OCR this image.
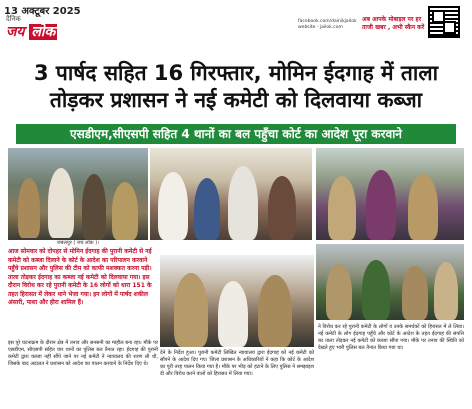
13 अक्टूबर 2025
दैनिक
जय लोक
facebook.com/dainikjailok
website - jailok.com
अब आपके मोबाइल पर हर
ताजी खबर , अभी स्कैन करें
3 पार्षद सहित 16 गिरफ्तार, मोमिन ईदगाह में ताला तोड़कर प्रशासन ने नई कमेटी को दिलवाया कब्जा
एसडीएम,सीएसपी सहित 4 थानों का बल पहुँचा कोर्ट का आदेश पूरा करवाने
जबलपुर ( जय लोक )।
आज सोमवार को दोपहर से मोमिन ईदगाह की पुरानी कमेटी से नई कमेटी को कब्जा दिलाने के कोर्ट के आदेश का परिपालन करवाने पहुँचे प्रशासन और पुलिस की टीम को काफी मशक्कत करना पड़ी। ताला तोड़कर ईदगाह का कब्जा नई कमेटी को दिलवाया गया। इस दौरान विरोध कर रहे पुरानी कमेटी के 16 लोगों को धारा 151 के तहत हिरासत में लेकर थाने भेजा गया। इन लोगों में पार्षद शकील अंसारी, पाशा और हीरा शामिल हैं।
इस पूरे घटनाक्रम के दौरान क्षेत्र में तनाव और सनसनी का माहौल बना रहा। मौके पर एसडीएम, सीएसपी सहित चार थानों का पुलिस बल तैनात रहा। ईदगाह की पुरानी कमेटी द्वारा कब्जा नहीं सौंपे जाने पर नई कमेटी ने न्यायालय की शरण ली थी, जिसके बाद अदालत ने प्रशासन को आदेश का पालन करवाने के निर्देश दिए थे।
देने के निर्देश हुआ। पुरानी कमेटी लिखित न्यायालय द्वारा ईदगाह को नई कमेटी को सौंपने के आदेश दिए गए। जिला प्रशासन के अधिकारियों ने कहा कि कोर्ट के आदेश का पूरी तरह पालन किया गया है। मौके पर भीड़ को हटाने के लिए पुलिस ने समझाइश दी और विरोध करने वालों को हिरासत में लिया गया।
ने विरोध कर रहे पुरानी कमेटी के लोगों व उनके समर्थकों को हिरासत में ले लिया। नई कमेटी के लोग ईदगाह पहुँचे और कोर्ट के आदेश के तहत ईदगाह की संपत्ति का ताला तोड़कर नई कमेटी को कब्जा सौंपा गया। मौके पर तनाव की स्थिति को देखते हुए भारी पुलिस बल तैनात किया गया था।
